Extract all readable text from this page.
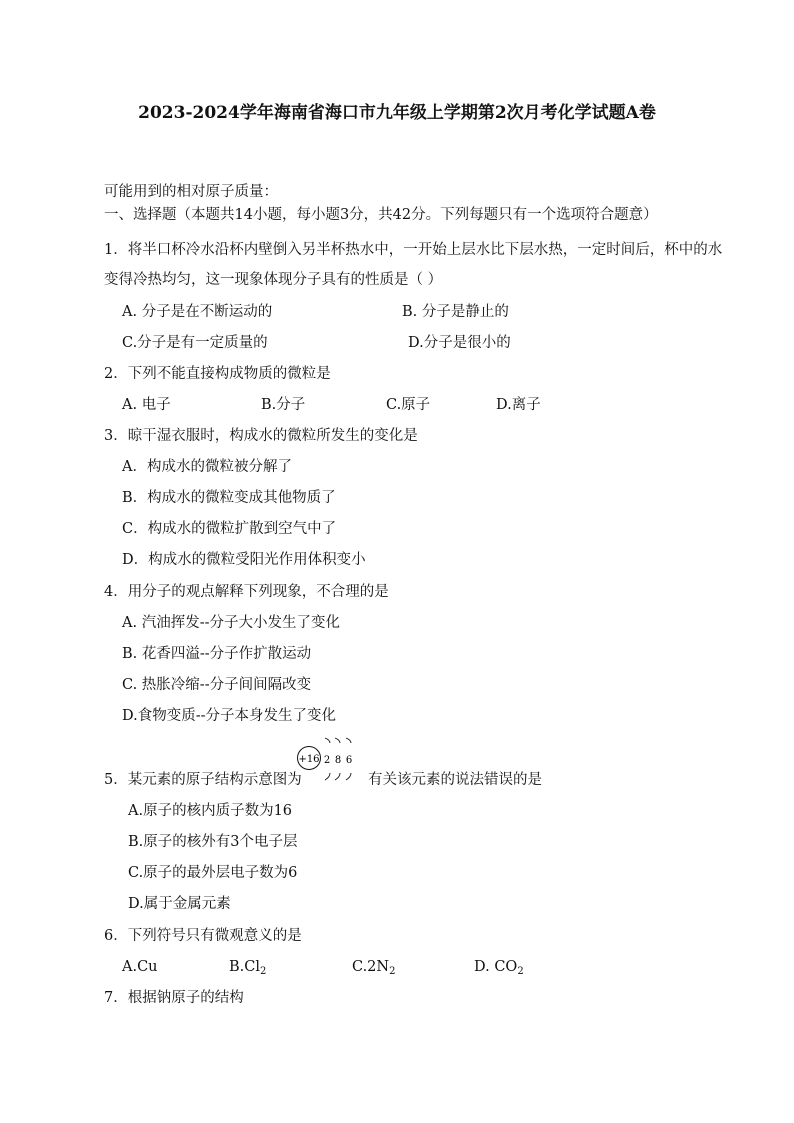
2023-2024学年海南省海口市九年级上学期第2次月考化学试题A卷
可能用到的相对原子质量：
一、选择题（本题共14小题，每小题3分，共42分。下列每题只有一个选项符合题意）
1．将半口杯冷水沿杯内壁倒入另半杯热水中，一开始上层水比下层水热，一定时间后，杯中的水
变得冷热均匀，这一现象体现分子具有的性质是（ ）
A. 分子是在不断运动的	B. 分子是静止的
C.分子是有一定质量的	D.分子是很小的
2．下列不能直接构成物质的微粒是
A. 电子	B.分子	C.原子	D.离子
3．晾干湿衣服时，构成水的微粒所发生的变化是
A．构成水的微粒被分解了
B．构成水的微粒变成其他物质了
C．构成水的微粒扩散到空气中了
D．构成水的微粒受阳光作用体积变小
4．用分子的观点解释下列现象，不合理的是
A. 汽油挥发--分子大小发生了变化
B. 花香四溢--分子作扩散运动
C. 热胀冷缩--分子间间隔改变
D.食物变质--分子本身发生了变化
5．某元素的原子结构示意图为
+16 2 8 6
有关该元素的说法错误的是
A.原子的核内质子数为16
B.原子的核外有3个电子层
C.原子的最外层电子数为6
D.属于金属元素
6．下列符号只有微观意义的是
A.Cu	$B.Cl_2$	$C.2N_2$	D. $CO_2$
7．根据钠原子的结构
